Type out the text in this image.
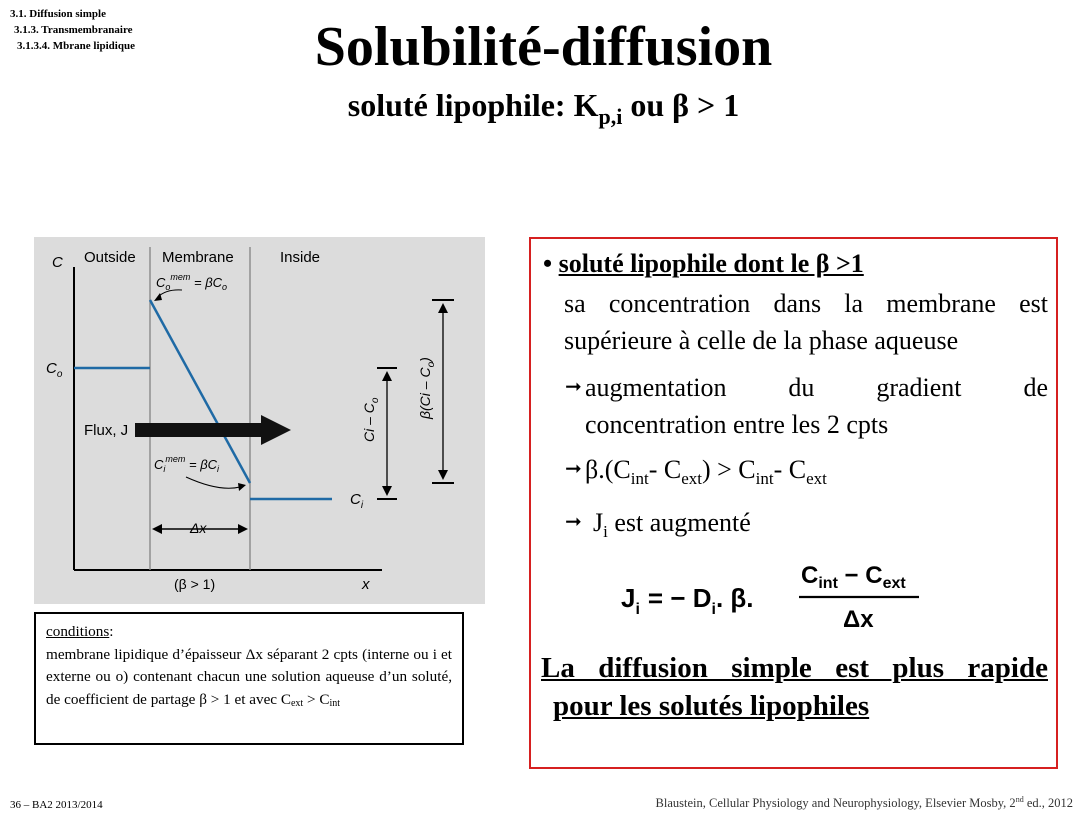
3.1. Diffusion simple
3.1.3. Transmembranaire
3.1.3.4. Mbrane lipidique	Solubilité-diffusion
soluté lipophile: $K_{p,i}$ ou β > 1
C Outside Membrane	Inside
$C_o$
$C_o^{mem} = \beta C_o$
Flux, J
$C_i^{mem} = \beta C_i$
$C_i$
Δx
(β > 1)	x
Ci – $C_o$	$\beta(Ci - C_o)$
conditions:
membrane lipidique d’épaisseur Δx séparant 2 cpts (interne ou i et externe ou o) contenant chacun une solution aqueuse d’un soluté, de coefficient de partage β > 1 et avec $C_{ext} > C_{int}$
• soluté lipophile dont le β >1
sa concentration dans la membrane est supérieure à celle de la phase aqueuse
➞ augmentation du gradient de
concentration entre les 2 cpts
➞ $\beta.(C_{int}-$ $C_{ext}) > C_{int}-$ $C_{ext}$
➞ $J_i$ est augmenté
$J_i$ = − $D_i$. β.
$C_{int} - C_{ext}$
Δx
La diffusion simple est plus rapide
pour les solutés lipophiles
36 – BA2 2013/2014	Blaustein, Cellular Physiology and Neurophysiology, Elsevier Mosby, 2nd ed., 2012
